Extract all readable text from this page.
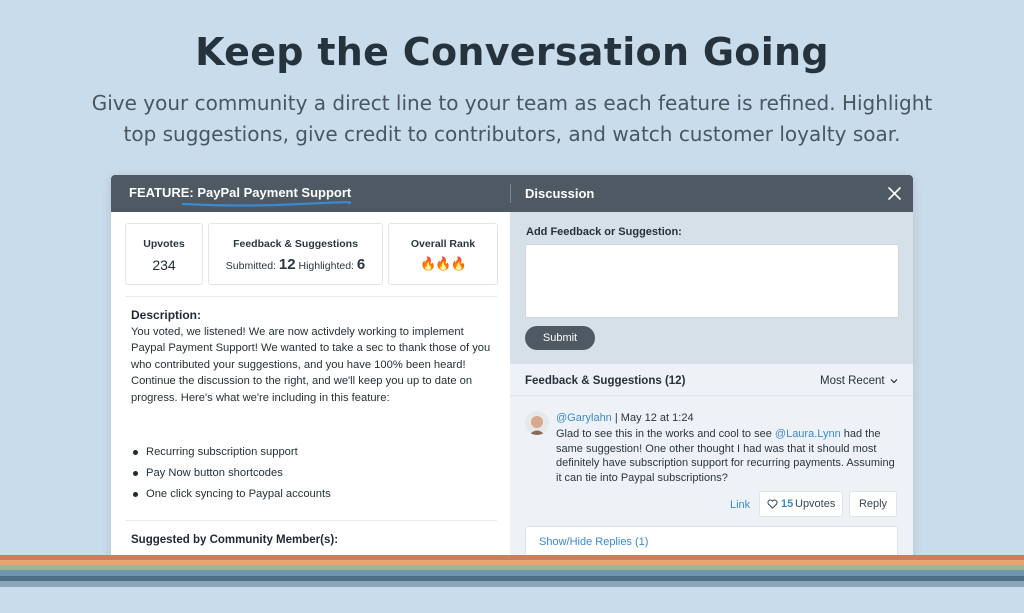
Keep the Conversation Going
Give your community a direct line to your team as each feature is refined. Highlight
top suggestions, give credit to contributors, and watch customer loyalty soar.
FEATURE: PayPal Payment Support	Discussion
Upvotes
234
Feedback & Suggestions
Submitted: 12 Highlighted: 6
Overall Rank
🔥🔥🔥
Description:
You voted, we listened! We are now activdely working to implement Paypal Payment Support! We wanted to take a sec to thank those of you who contributed your suggestions, and you have 100% been heard! Continue the discussion to the right, and we'll keep you up to date on progress. Here's what we're including in this feature:
Recurring subscription support
Pay Now button shortcodes
One click syncing to Paypal accounts
Suggested by Community Member(s):
Add Feedback or Suggestion:
Submit
Feedback & Suggestions (12)	Most Recent
@Garylahn | May 12 at 1:24
Glad to see this in the works and cool to see @Laura.Lynn had the same suggestion! One other thought I had was that it should most definitely have subscription support for recurring payments. Assuming it can tie into Paypal subscriptions?
Link	15 Upvotes	Reply
Show/Hide Replies (1)
